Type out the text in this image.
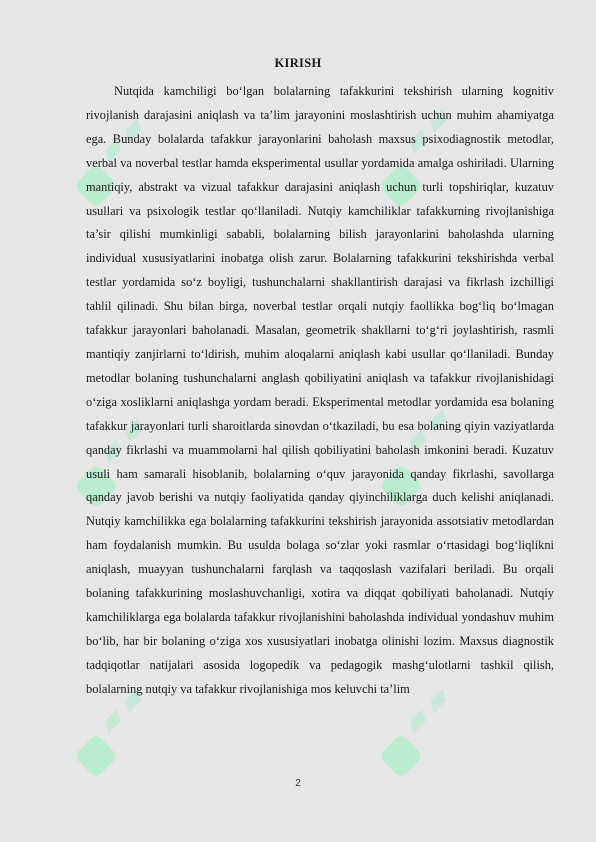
▰▰	▰▰
▰▰	▰▰
▰▰	▰▰
KIRISH
Nutqida kamchiligi bo‘lgan bolalarning tafakkurini tekshirish ularning kognitiv rivojlanish darajasini aniqlash va ta’lim jarayonini moslashtirish uchun muhim ahamiyatga ega. Bunday bolalarda tafakkur jarayonlarini baholash maxsus psixodiagnostik metodlar, verbal va noverbal testlar hamda eksperimental usullar yordamida amalga oshiriladi. Ularning mantiqiy, abstrakt va vizual tafakkur darajasini aniqlash uchun turli topshiriqlar, kuzatuv usullari va psixologik testlar qo‘llaniladi. Nutqiy kamchiliklar tafakkurning rivojlanishiga ta’sir qilishi mumkinligi sababli, bolalarning bilish jarayonlarini baholashda ularning individual xususiyatlarini inobatga olish zarur. Bolalarning tafakkurini tekshirishda verbal testlar yordamida so‘z boyligi, tushunchalarni shakllantirish darajasi va fikrlash izchilligi tahlil qilinadi. Shu bilan birga, noverbal testlar orqali nutqiy faollikka bog‘liq bo‘lmagan tafakkur jarayonlari baholanadi. Masalan, geometrik shakllarni to‘g‘ri joylashtirish, rasmli mantiqiy zanjirlarni to‘ldirish, muhim aloqalarni aniqlash kabi usullar qo‘llaniladi. Bunday metodlar bolaning tushunchalarni anglash qobiliyatini aniqlash va tafakkur rivojlanishidagi o‘ziga xosliklarni aniqlashga yordam beradi. Eksperimental metodlar yordamida esa bolaning tafakkur jarayonlari turli sharoitlarda sinovdan o‘tkaziladi, bu esa bolaning qiyin vaziyatlarda qanday fikrlashi va muammolarni hal qilish qobiliyatini baholash imkonini beradi. Kuzatuv usuli ham samarali hisoblanib, bolalarning o‘quv jarayonida qanday fikrlashi, savollarga qanday javob berishi va nutqiy faoliyatida qanday qiyinchiliklarga duch kelishi aniqlanadi. Nutqiy kamchilikka ega bolalarning tafakkurini tekshirish jarayonida assotsiativ metodlardan ham foydalanish mumkin. Bu usulda bolaga so‘zlar yoki rasmlar o‘rtasidagi bog‘liqlikni aniqlash, muayyan tushunchalarni farqlash va taqqoslash vazifalari beriladi. Bu orqali bolaning tafakkurining moslashuvchanligi, xotira va diqqat qobiliyati baholanadi. Nutqiy kamchiliklarga ega bolalarda tafakkur rivojlanishini baholashda individual yondashuv muhim bo‘lib, har bir bolaning o‘ziga xos xususiyatlari inobatga olinishi lozim. Maxsus diagnostik tadqiqotlar natijalari asosida logopedik va pedagogik mashg‘ulotlarni tashkil qilish, bolalarning nutqiy va tafakkur rivojlanishiga mos keluvchi ta’lim
2
